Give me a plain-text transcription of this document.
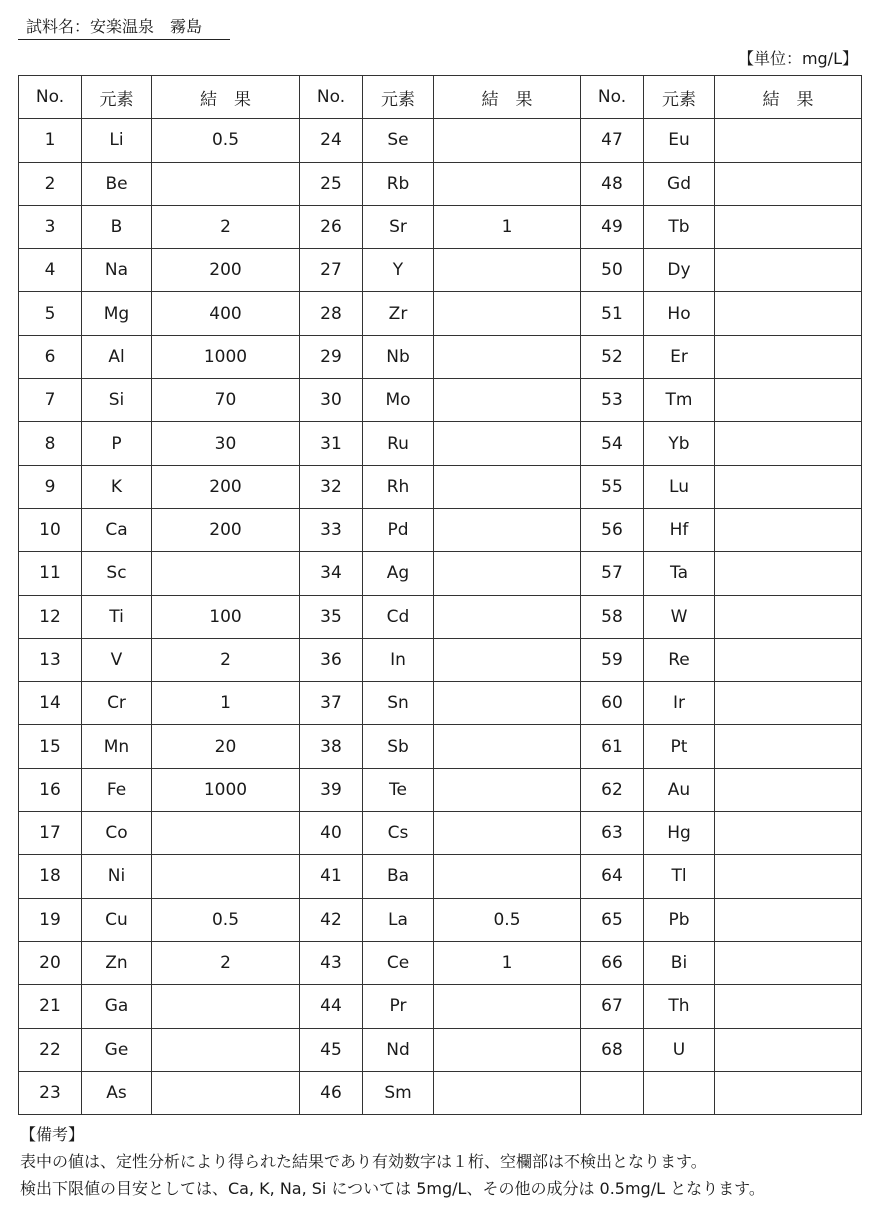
試料名：安楽温泉　霧島
【単位：mg/L】
No.	元素	結　果	No.	元素	結　果	No.	元素	結　果
1	Li	0.5	24	Se		47	Eu	
2	Be		25	Rb		48	Gd	
3	B	2	26	Sr	1	49	Tb	
4	Na	200	27	Y		50	Dy	
5	Mg	400	28	Zr		51	Ho	
6	Al	1000	29	Nb		52	Er	
7	Si	70	30	Mo		53	Tm	
8	P	30	31	Ru		54	Yb	
9	K	200	32	Rh		55	Lu	
10	Ca	200	33	Pd		56	Hf	
11	Sc		34	Ag		57	Ta	
12	Ti	100	35	Cd		58	W	
13	V	2	36	In		59	Re	
14	Cr	1	37	Sn		60	Ir	
15	Mn	20	38	Sb		61	Pt	
16	Fe	1000	39	Te		62	Au	
17	Co		40	Cs		63	Hg	
18	Ni		41	Ba		64	Tl	
19	Cu	0.5	42	La	0.5	65	Pb	
20	Zn	2	43	Ce	1	66	Bi	
21	Ga		44	Pr		67	Th	
22	Ge		45	Nd		68	U	
23	As		46	Sm				
【備考】
表中の値は、定性分析により得られた結果であり有効数字は１桁、空欄部は不検出となります。
検出下限値の目安としては、Ca, K, Na, Si については 5mg/L、その他の成分は 0.5mg/L となります。
